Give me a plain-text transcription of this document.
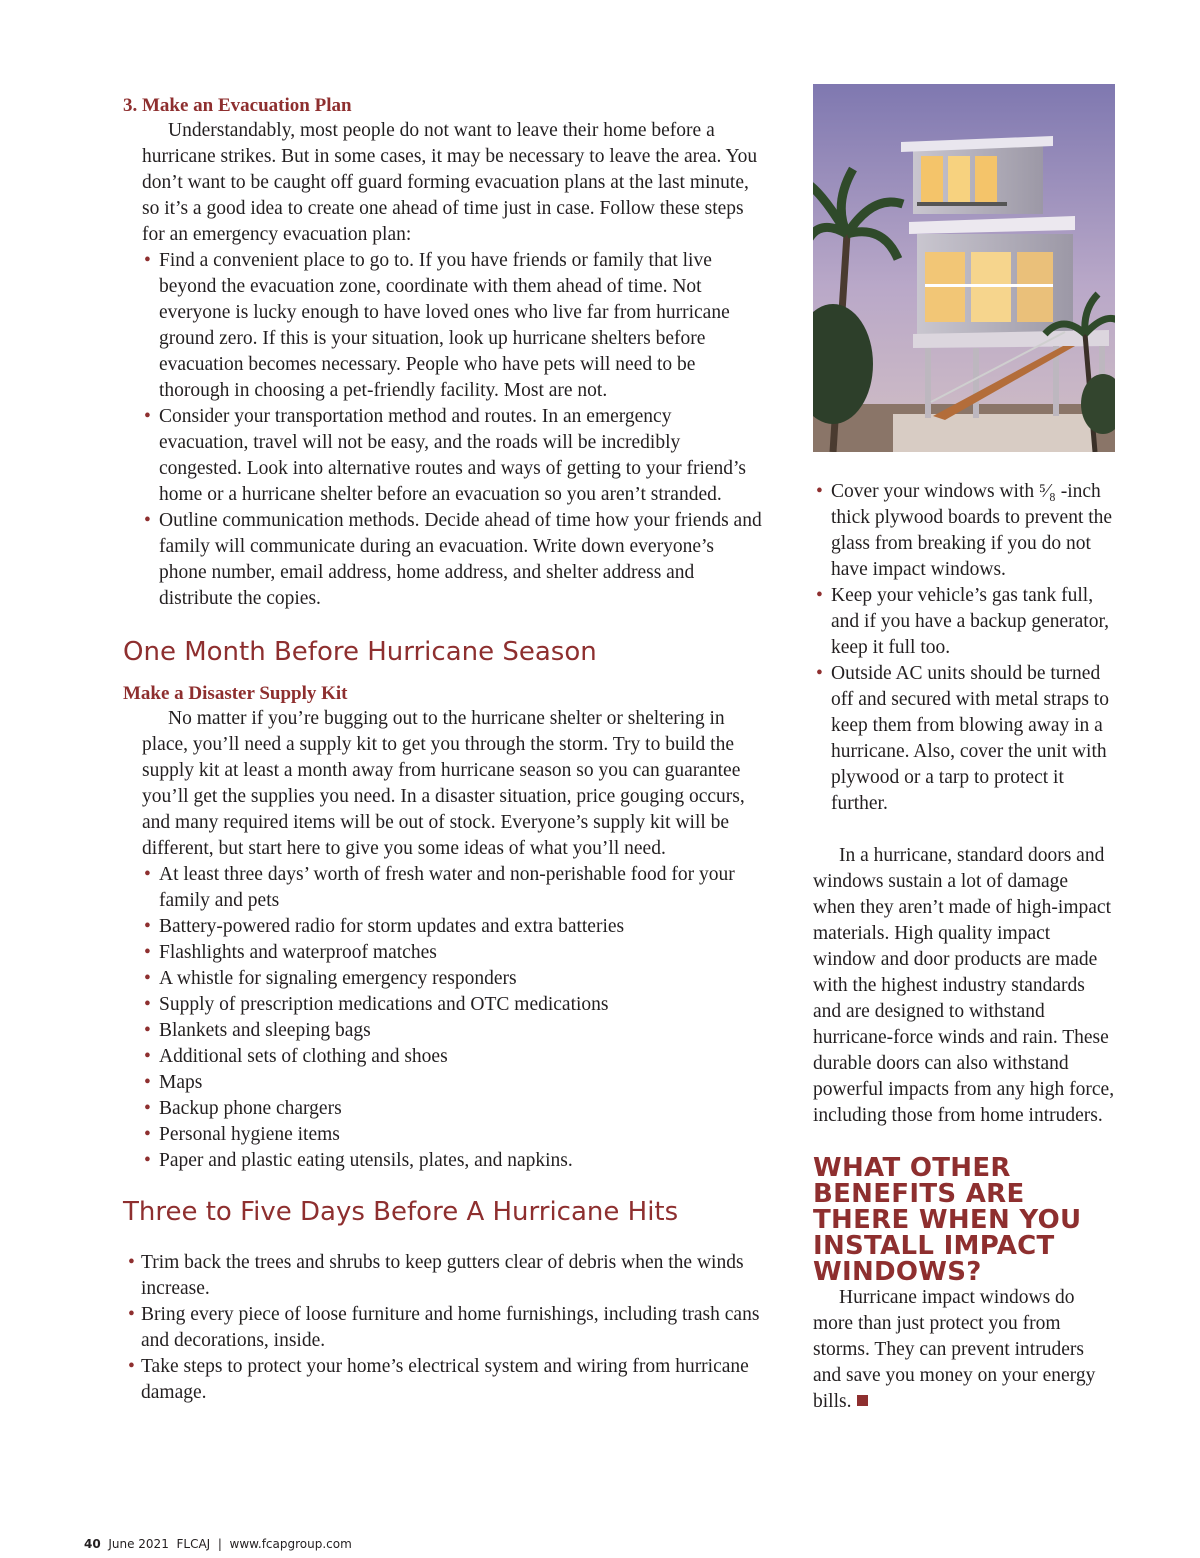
3. Make an Evacuation Plan

Understandably, most people do not want to leave their home before a hurricane strikes. But in some cases, it may be necessary to leave the area. You don’t want to be caught off guard forming evacuation plans at the last minute, so it’s a good idea to create one ahead of time just in case. Follow these steps for an emergency evacuation plan:

• Find a convenient place to go to. If you have friends or family that live beyond the evacuation zone, coordinate with them ahead of time. Not everyone is lucky enough to have loved ones who live far from hurricane ground zero. If this is your situation, look up hurricane shelters before evacuation becomes necessary. People who have pets will need to be thorough in choosing a pet-friendly facility. Most are not.
• Consider your transportation method and routes. In an emergency evacuation, travel will not be easy, and the roads will be incredibly congested. Look into alternative routes and ways of getting to your friend’s home or a hurricane shelter before an evacuation so you aren’t stranded.
• Outline communication methods. Decide ahead of time how your friends and family will communicate during an evacuation. Write down everyone’s phone number, email address, home address, and shelter address and distribute the copies.
One Month Before Hurricane Season
Make a Disaster Supply Kit

No matter if you’re bugging out to the hurricane shelter or sheltering in place, you’ll need a supply kit to get you through the storm. Try to build the supply kit at least a month away from hurricane season so you can guarantee you’ll get the supplies you need. In a disaster situation, price gouging occurs, and many required items will be out of stock. Everyone’s supply kit will be different, but start here to give you some ideas of what you’ll need.

• At least three days’ worth of fresh water and non-perishable food for your family and pets
• Battery-powered radio for storm updates and extra batteries
• Flashlights and waterproof matches
• A whistle for signaling emergency responders
• Supply of prescription medications and OTC medications
• Blankets and sleeping bags
• Additional sets of clothing and shoes
• Maps
• Backup phone chargers
• Personal hygiene items
• Paper and plastic eating utensils, plates, and napkins.
Three to Five Days Before A Hurricane Hits
• Trim back the trees and shrubs to keep gutters clear of debris when the winds increase.
• Bring every piece of loose furniture and home furnishings, including trash cans and decorations, inside.
• Take steps to protect your home’s electrical system and wiring from hurricane damage.
• Cover your windows with ⁵⁄₈ -inch thick plywood boards to prevent the glass from breaking if you do not have impact windows.
• Keep your vehicle’s gas tank full, and if you have a backup generator, keep it full too.
• Outside AC units should be turned off and secured with metal straps to keep them from blowing away in a hurricane. Also, cover the unit with plywood or a tarp to protect it further.

In a hurricane, standard doors and windows sustain a lot of damage when they aren’t made of high-impact materials. High quality impact window and door products are made with the highest industry standards and are designed to withstand hurricane-force winds and rain. These durable doors can also withstand powerful impacts from any high force, including those from home intruders.

WHAT OTHER BENEFITS ARE THERE WHEN YOU INSTALL IMPACT WINDOWS?

Hurricane impact windows do more than just protect you from storms. They can prevent intruders and save you money on your energy bills.

40 June 2021 FLCAJ | www.fcapgroup.com
